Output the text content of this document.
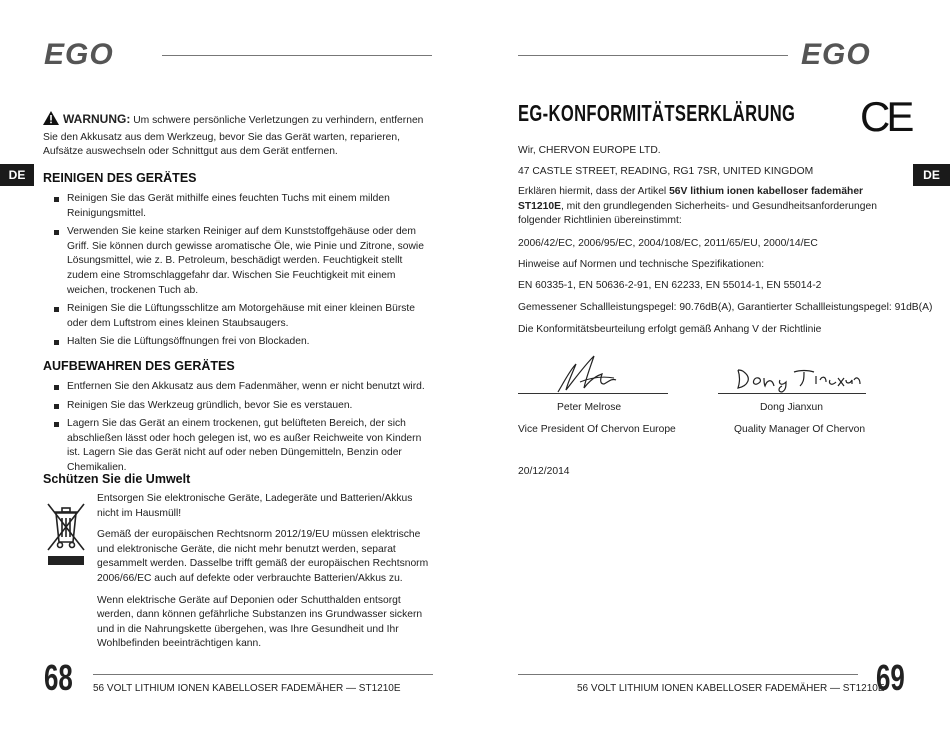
EGO
DE
WARNUNG: Um schwere persönliche Verletzungen zu verhindern, entfernen Sie den Akkusatz aus dem Werkzeug, bevor Sie das Gerät warten, reparieren, Aufsätze auswechseln oder Schnittgut aus dem Gerät entfernen.
REINIGEN DES GERÄTES
Reinigen Sie das Gerät mithilfe eines feuchten Tuchs mit einem milden Reinigungsmittel.
Verwenden Sie keine starken Reiniger auf dem Kunststoffgehäuse oder dem Griff. Sie können durch gewisse aromatische Öle, wie Pinie und Zitrone, sowie Lösungsmittel, wie z. B. Petroleum, beschädigt werden. Feuchtigkeit stellt zudem eine Stromschlaggefahr dar. Wischen Sie Feuchtigkeit mit einem weichen, trockenen Tuch ab.
Reinigen Sie die Lüftungsschlitze am Motorgehäuse mit einer kleinen Bürste oder dem Luftstrom eines kleinen Staubsaugers.
Halten Sie die Lüftungsöffnungen frei von Blockaden.
AUFBEWAHREN DES GERÄTES
Entfernen Sie den Akkusatz aus dem Fadenmäher, wenn er nicht benutzt wird.
Reinigen Sie das Werkzeug gründlich, bevor Sie es verstauen.
Lagern Sie das Gerät an einem trockenen, gut belüfteten Bereich, der sich abschließen lässt oder hoch gelegen ist, wo es außer Reichweite von Kindern ist. Lagern Sie das Gerät nicht auf oder neben Düngemitteln, Benzin oder Chemikalien.
Schützen Sie die Umwelt

Entsorgen Sie elektronische Geräte, Ladegeräte und Batterien/Akkus nicht im Hausmüll!

Gemäß der europäischen Rechtsnorm 2012/19/EU müssen elektrische und elektronische Geräte, die nicht mehr benutzt werden, separat gesammelt werden. Dasselbe trifft gemäß der europäischen Rechtsnorm 2006/66/EC auch auf defekte oder verbrauchte Batterien/Akkus zu.

Wenn elektrische Geräte auf Deponien oder Schutthalden entsorgt werden, dann können gefährliche Substanzen ins Grundwasser sickern und in die Nahrungskette übergehen, was Ihre Gesundheit und Ihr Wohlbefinden beeinträchtigen kann.

68 56 VOLT LITHIUM IONEN KABELLOSER FADEMÄHER — ST1210E
EGO
DE
EG-KONFORMITÄTSERKLÄRUNG CE
Wir, CHERVON EUROPE LTD.
47 CASTLE STREET, READING, RG1 7SR, UNITED KINGDOM
Erklären hiermit, dass der Artikel 56V lithium ionen kabelloser fademäher ST1210E, mit den grundlegenden Sicherheits- und Gesundheitsanforderungen folgender Richtlinien übereinstimmt:
2006/42/EC, 2006/95/EC, 2004/108/EC, 2011/65/EU, 2000/14/EC
Hinweise auf Normen und technische Spezifikationen:
EN 60335-1, EN 50636-2-91, EN 62233, EN 55014-1, EN 55014-2
Gemessener Schallleistungspegel: 90.76dB(A), Garantierter Schallleistungspegel: 91dB(A)
Die Konformitätsbeurteilung erfolgt gemäß Anhang V der Richtlinie
Peter Melrose
Vice President Of Chervon Europe
Dong Jianxun
Quality Manager Of Chervon
20/12/2014
56 VOLT LITHIUM IONEN KABELLOSER FADEMÄHER — ST1210E
69
